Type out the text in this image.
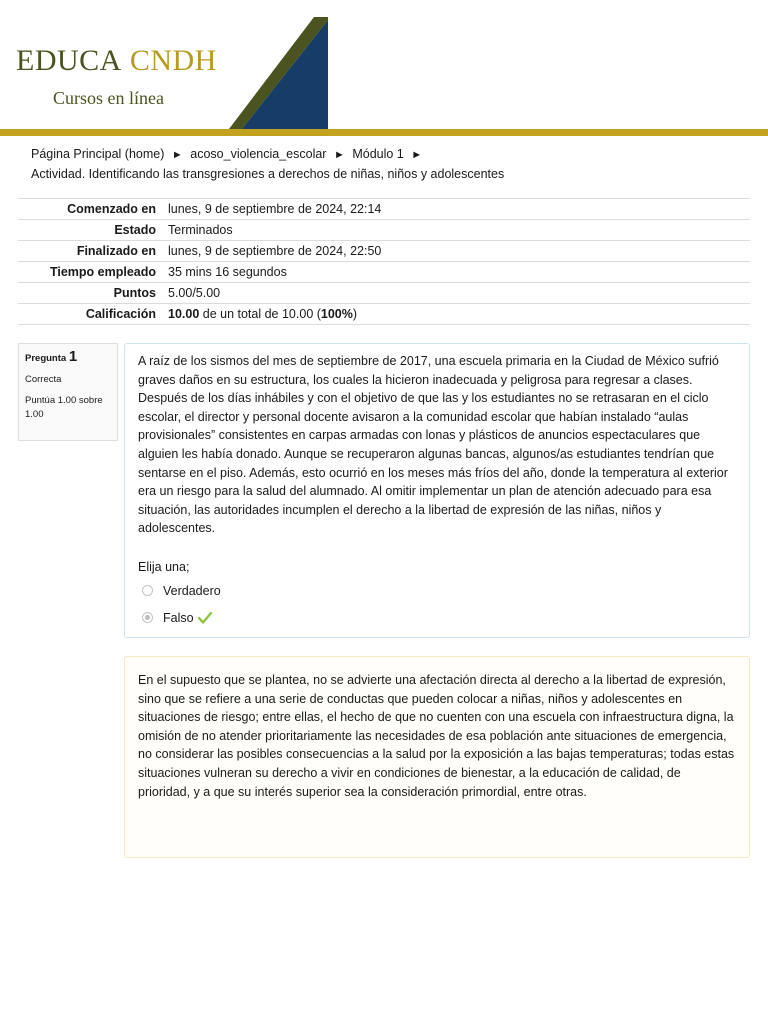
EDUCA CNDH
Cursos en línea
Página Principal (home) ► acoso_violencia_escolar ► Módulo 1 ►
Actividad. Identificando las transgresiones a derechos de niñas, niños y adolescentes
Comenzado en	lunes, 9 de septiembre de 2024, 22:14
Estado	Terminados
Finalizado en	lunes, 9 de septiembre de 2024, 22:50
Tiempo empleado	35 mins 16 segundos
Puntos	5.00/5.00
Calificación	10.00 de un total de 10.00 (100%)
Pregunta 1

Correcta

Puntúa 1.00 sobre 1.00

A raíz de los sismos del mes de septiembre de 2017, una escuela primaria en la Ciudad de México sufrió graves daños en su estructura, los cuales la hicieron inadecuada y peligrosa para regresar a clases. Después de los días inhábiles y con el objetivo de que las y los estudiantes no se retrasaran en el ciclo escolar, el director y personal docente avisaron a la comunidad escolar que habían instalado “aulas provisionales” consistentes en carpas armadas con lonas y plásticos de anuncios espectaculares que alguien les había donado. Aunque se recuperaron algunas bancas, algunos/as estudiantes tendrían que sentarse en el piso. Además, esto ocurrió en los meses más fríos del año, donde la temperatura al exterior era un riesgo para la salud del alumnado. Al omitir implementar un plan de atención adecuado para esa situación, las autoridades incumplen el derecho a la libertad de expresión de las niñas, niños y adolescentes.

Elija una;
Verdadero
Falso

En el supuesto que se plantea, no se advierte una afectación directa al derecho a la libertad de expresión, sino que se refiere a una serie de conductas que pueden colocar a niñas, niños y adolescentes en situaciones de riesgo; entre ellas, el hecho de que no cuenten con una escuela con infraestructura digna, la omisión de no atender prioritariamente las necesidades de esa población ante situaciones de emergencia, no considerar las posibles consecuencias a la salud por la exposición a las bajas temperaturas; todas estas situaciones vulneran su derecho a vivir en condiciones de bienestar, a la educación de calidad, de prioridad, y a que su interés superior sea la consideración primordial, entre otras.
